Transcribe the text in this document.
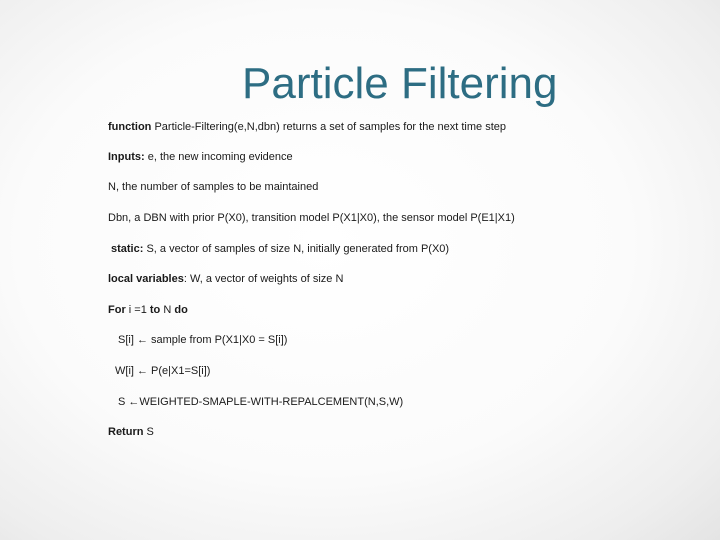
Particle Filtering
function Particle-Filtering(e,N,dbn) returns a set of samples for the next time step
Inputs: e, the new incoming evidence
N, the number of samples to be maintained
Dbn, a DBN with prior P(X0), transition model P(X1|X0), the sensor model P(E1|X1)
static: S, a vector of samples of size N, initially generated from P(X0)
local variables: W, a vector of weights of size N
For i =1 to N do
S[i] ← sample from P(X1|X0 = S[i])
W[i] ← P(e|X1=S[i])
S ←WEIGHTED-SMAPLE-WITH-REPALCEMENT(N,S,W)
Return S
